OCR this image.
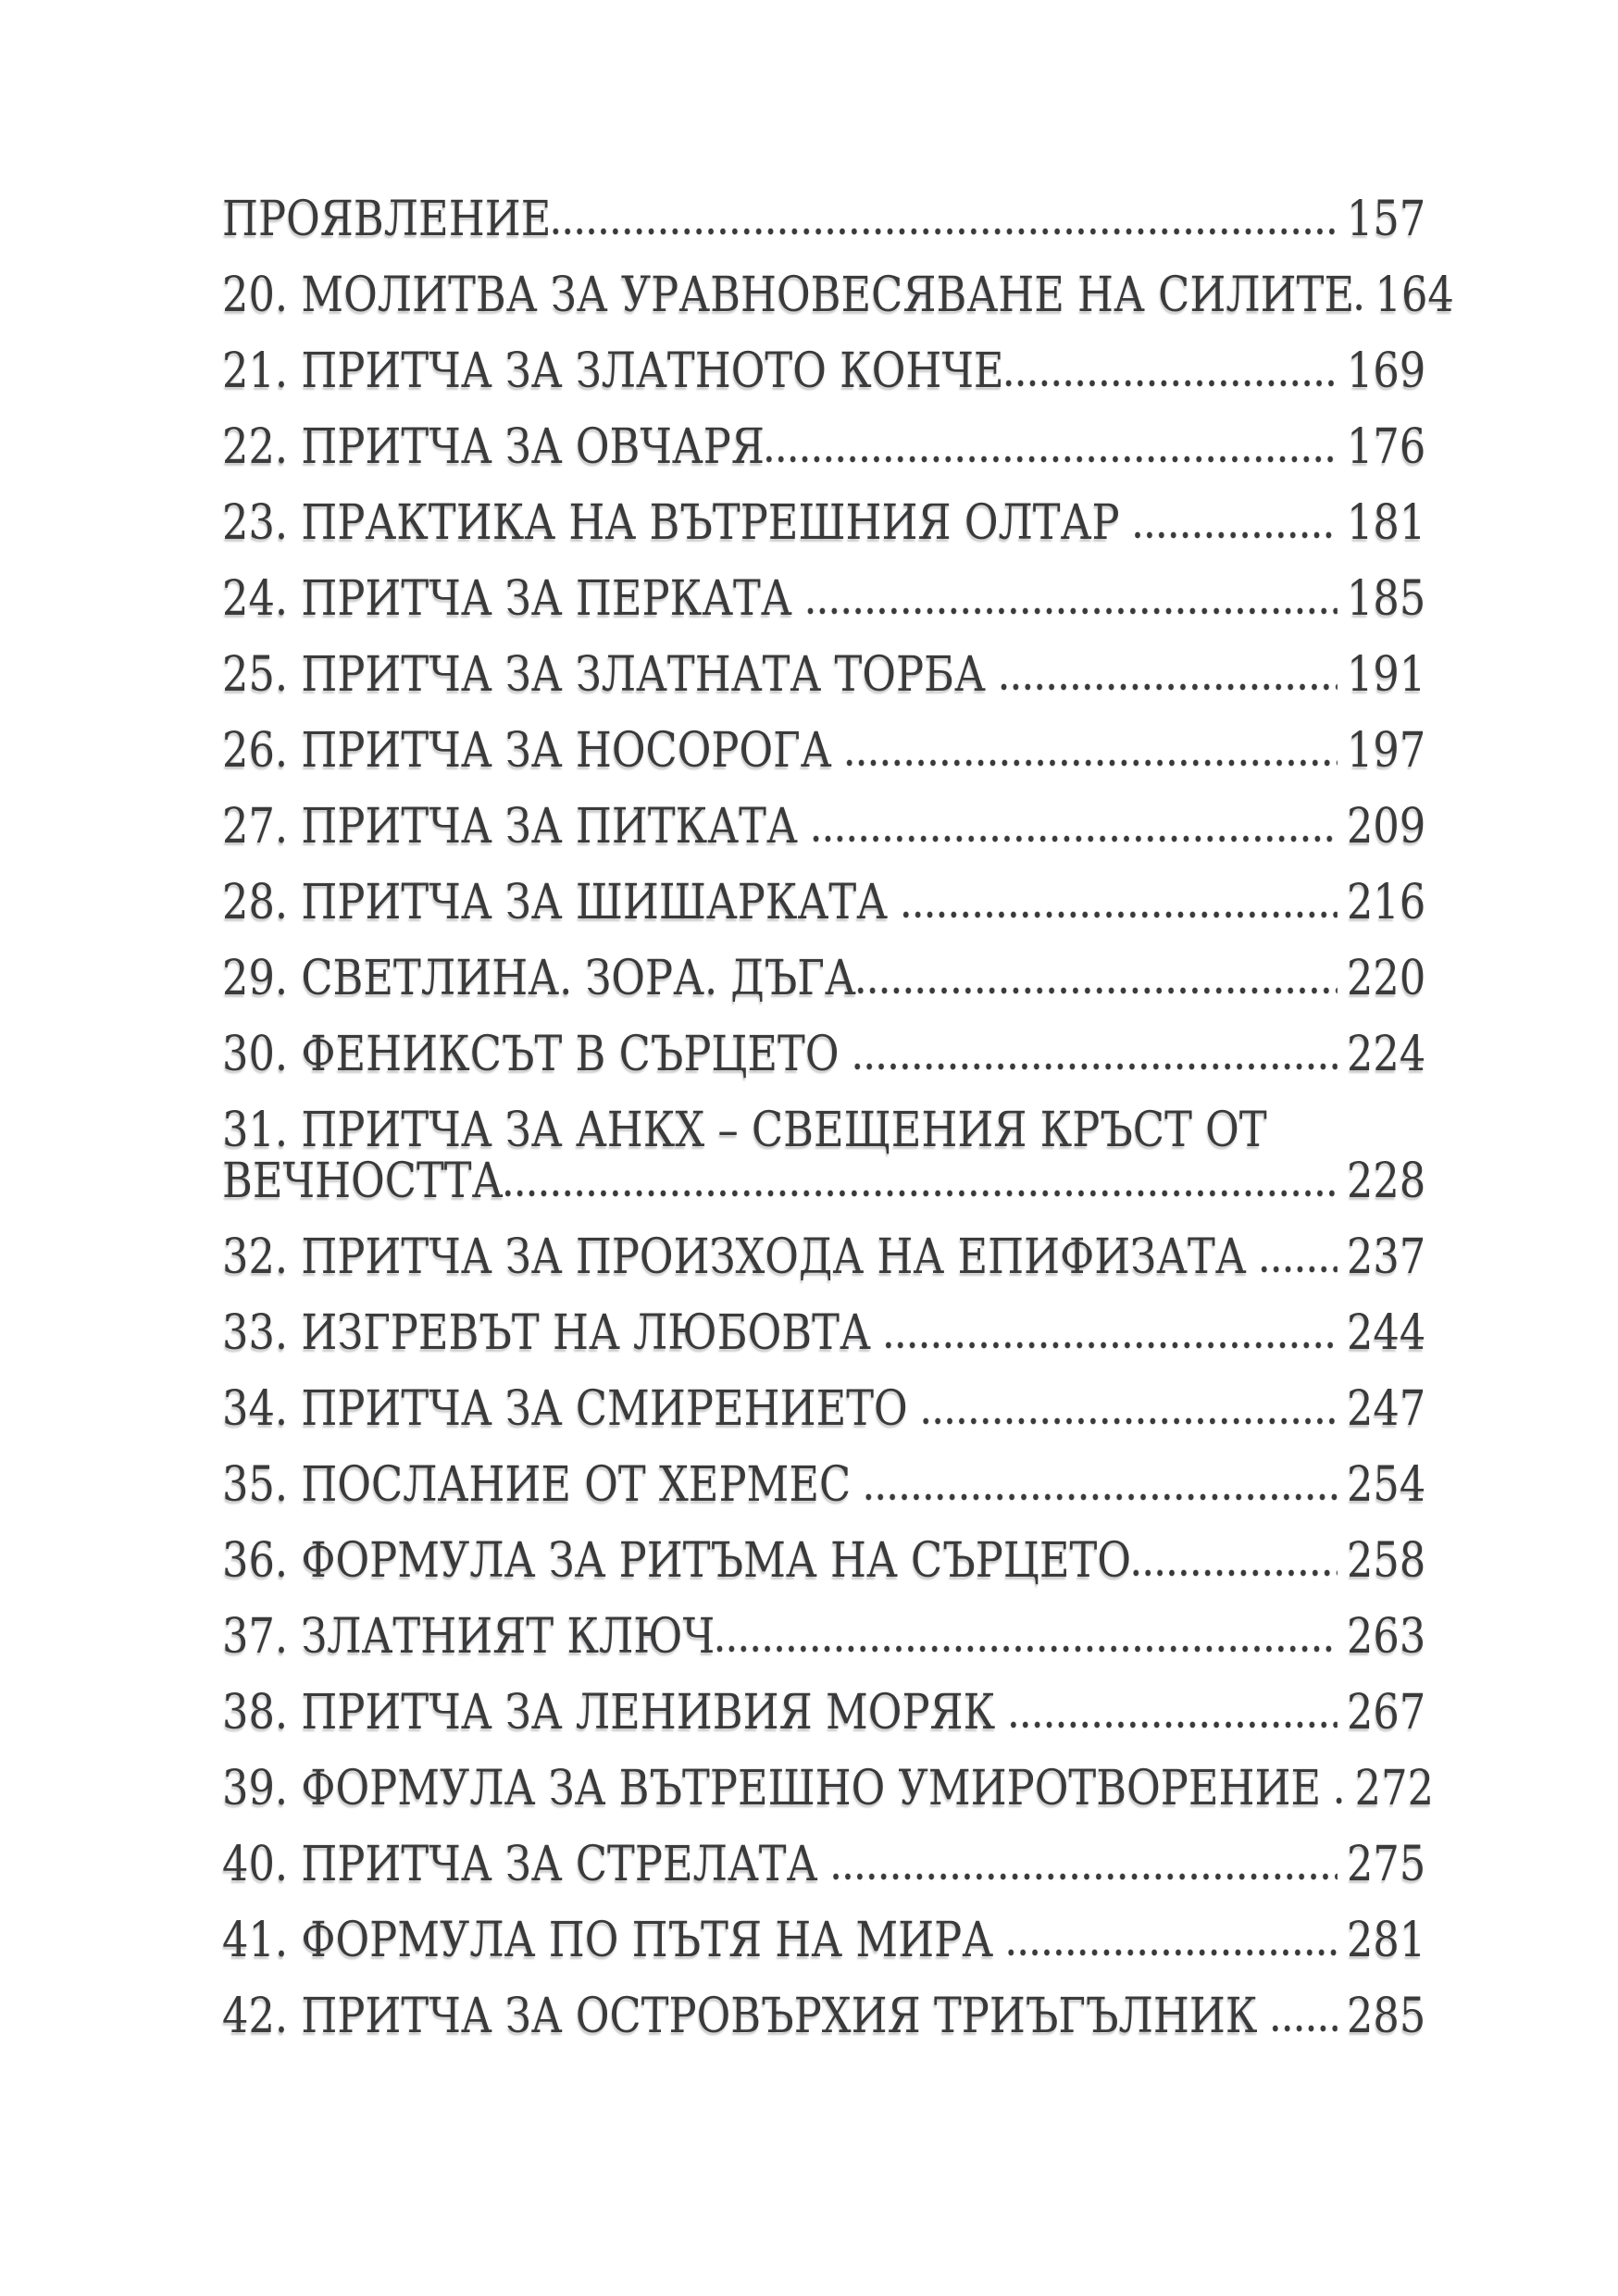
ПРОЯВЛЕНИЕ	157
20. МОЛИТВА ЗА УРАВНОВЕСЯВАНЕ НА СИЛИТЕ 164
21. ПРИТЧА ЗА ЗЛАТНОТО КОНЧЕ	169
22. ПРИТЧА ЗА ОВЧАРЯ	176
23. ПРАКТИКА НА ВЪТРЕШНИЯ ОЛТАР	181
24. ПРИТЧА ЗА ПЕРКАТА	185
25. ПРИТЧА ЗА ЗЛАТНАТА ТОРБА	191
26. ПРИТЧА ЗА НОСОРОГА	197
27. ПРИТЧА ЗА ПИТКАТА	209
28. ПРИТЧА ЗА ШИШАРКАТА	216
29. СВЕТЛИНА. ЗОРА. ДЪГА	220
30. ФЕНИКСЪТ В СЪРЦЕТО	224
31. ПРИТЧА ЗА АНКХ – СВЕЩЕНИЯ КРЪСТ ОТ
ВЕЧНОСТТА	228
32. ПРИТЧА ЗА ПРОИЗХОДА НА ЕПИФИЗАТА 237
33. ИЗГРЕВЪТ НА ЛЮБОВТА	244
34. ПРИТЧА ЗА СМИРЕНИЕТО	247
35. ПОСЛАНИЕ ОТ ХЕРМЕС	254
36. ФОРМУЛА ЗА РИТЪМА НА СЪРЦЕТО	258
37. ЗЛАТНИЯТ КЛЮЧ	263
38. ПРИТЧА ЗА ЛЕНИВИЯ МОРЯК	267
39. ФОРМУЛА ЗА ВЪТРЕШНО УМИРОТВОРЕНИЕ 272
40. ПРИТЧА ЗА СТРЕЛАТА	275
41. ФОРМУЛА ПО ПЪТЯ НА МИРА	281
42. ПРИТЧА ЗА ОСТРОВЪРХИЯ ТРИЪГЪЛНИК 285
